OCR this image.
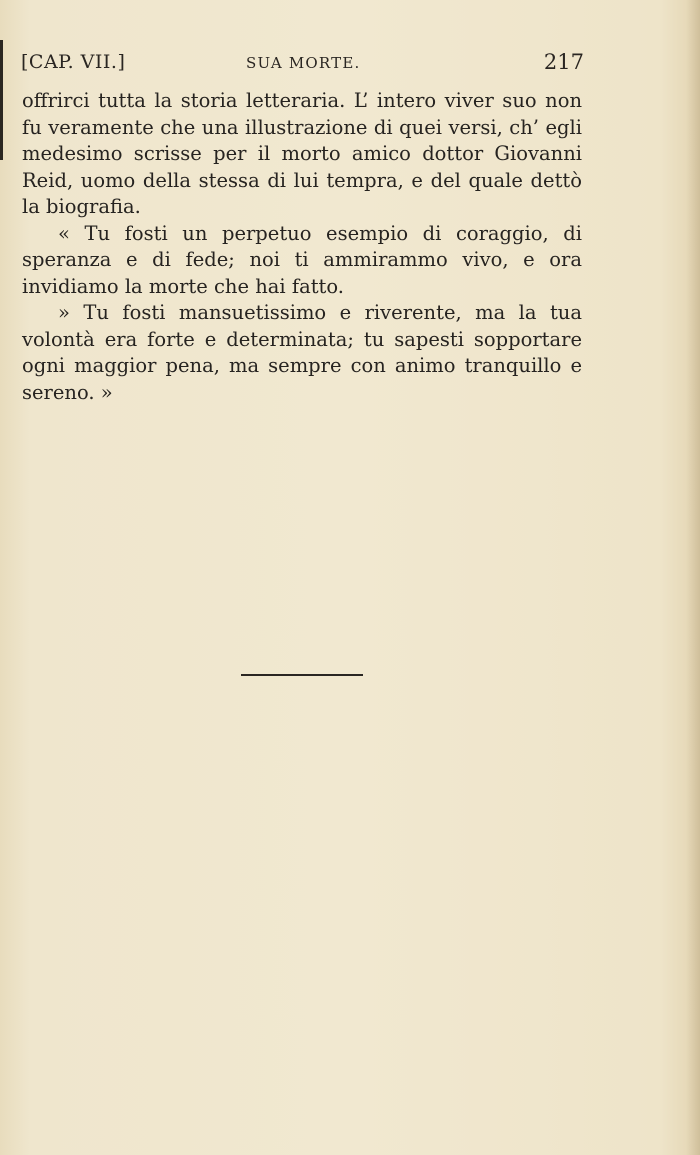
[CAP. VII.]	SUA MORTE.	217

offrirci tutta la storia letteraria. L’ intero viver suo non fu veramente che una illustrazione di quei versi, ch’ egli medesimo scrisse per il morto amico dottor Giovanni Reid, uomo della stessa di lui tempra, e del quale dettò la biografia.

« Tu fosti un perpetuo esempio di coraggio, di speranza e di fede; noi ti ammirammo vivo, e ora invidiamo la morte che hai fatto.

» Tu fosti mansuetissimo e riverente, ma la tua volontà era forte e determinata; tu sapesti sopportare ogni maggior pena, ma sempre con animo tranquillo e sereno. »
